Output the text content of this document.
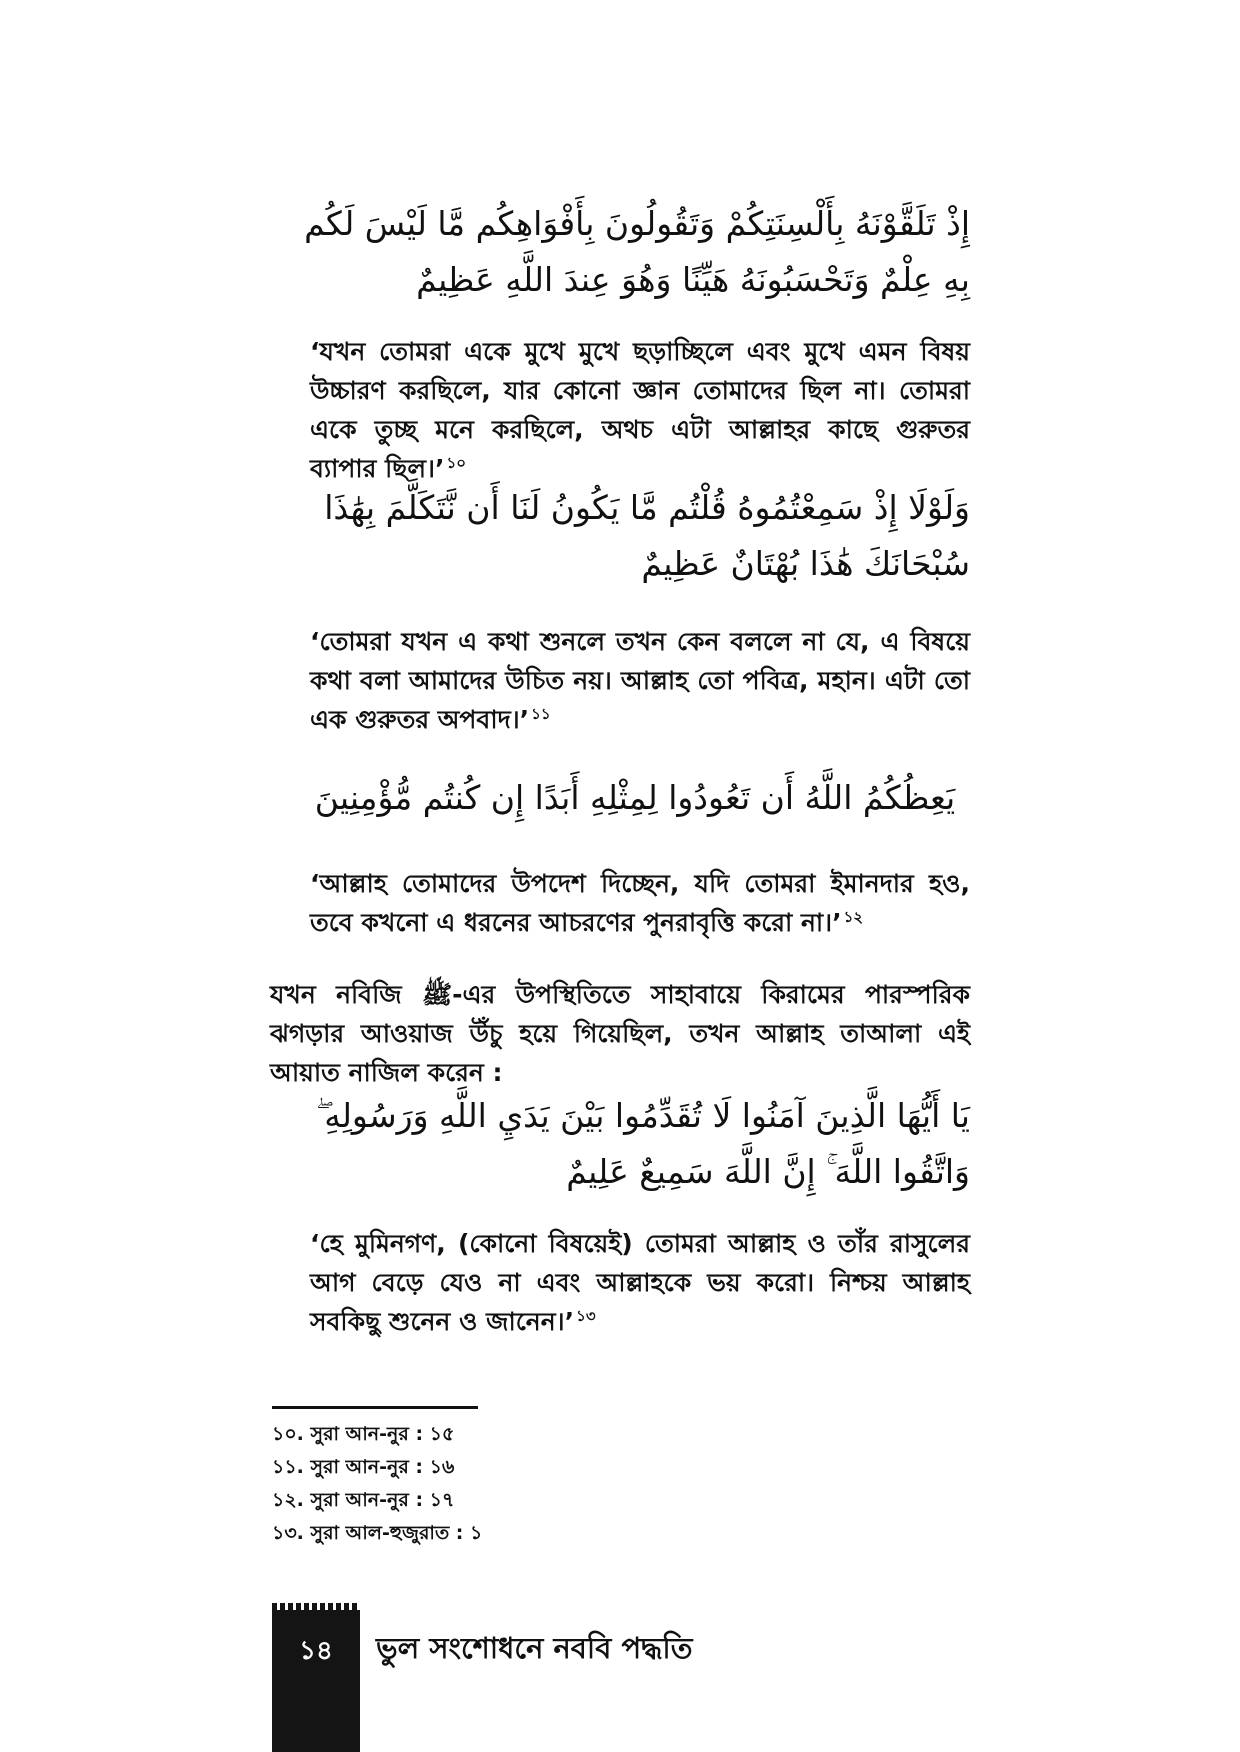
إِذْ تَلَقَّوْنَهُ بِأَلْسِنَتِكُمْ وَتَقُولُونَ بِأَفْوَاهِكُم مَّا لَيْسَ لَكُم بِهِ عِلْمٌ وَتَحْسَبُونَهُ هَيِّنًا وَهُوَ عِندَ اللَّهِ عَظِيمٌ
‘যখন তোমরা একে মুখে মুখে ছড়াচ্ছিলে এবং মুখে এমন বিষয় উচ্চারণ করছিলে, যার কোনো জ্ঞান তোমাদের ছিল না। তোমরা একে তুচ্ছ মনে করছিলে, অথচ এটা আল্লাহর কাছে গুরুতর ব্যাপার ছিল।’ $^{১০}$
وَلَوْلَا إِذْ سَمِعْتُمُوهُ قُلْتُم مَّا يَكُونُ لَنَا أَن نَّتَكَلَّمَ بِهَٰذَا سُبْحَانَكَ هَٰذَا بُهْتَانٌ عَظِيمٌ
‘তোমরা যখন এ কথা শুনলে তখন কেন বললে না যে, এ বিষয়ে কথা বলা আমাদের উচিত নয়। আল্লাহ তো পবিত্র, মহান। এটা তো এক গুরুতর অপবাদ।’ $^{১১}$
يَعِظُكُمُ اللَّهُ أَن تَعُودُوا لِمِثْلِهِ أَبَدًا إِن كُنتُم مُّؤْمِنِينَ
‘আল্লাহ তোমাদের উপদেশ দিচ্ছেন, যদি তোমরা ইমানদার হও, তবে কখনো এ ধরনের আচরণের পুনরাবৃত্তি করো না।’ $^{১২}$
যখন নবিজি ﷺ-এর উপস্থিতিতে সাহাবায়ে কিরামের পারস্পরিক ঝগড়ার আওয়াজ উঁচু হয়ে গিয়েছিল, তখন আল্লাহ তাআলা এই আয়াত নাজিল করেন :
يَا أَيُّهَا الَّذِينَ آمَنُوا لَا تُقَدِّمُوا بَيْنَ يَدَيِ اللَّهِ وَرَسُولِهِ ۖ وَاتَّقُوا اللَّهَ ۚ إِنَّ اللَّهَ سَمِيعٌ عَلِيمٌ
‘হে মুমিনগণ, (কোনো বিষয়েই) তোমরা আল্লাহ ও তাঁর রাসুলের আগ বেড়ে যেও না এবং আল্লাহকে ভয় করো। নিশ্চয় আল্লাহ সবকিছু শুনেন ও জানেন।’ $^{১৩}$
১০. সুরা আন-নুর : ১৫
১১. সুরা আন-নুর : ১৬
১২. সুরা আন-নুর : ১৭
১৩. সুরা আল-হুজুরাত : ১
১৪	ভুল সংশোধনে নববি পদ্ধতি
